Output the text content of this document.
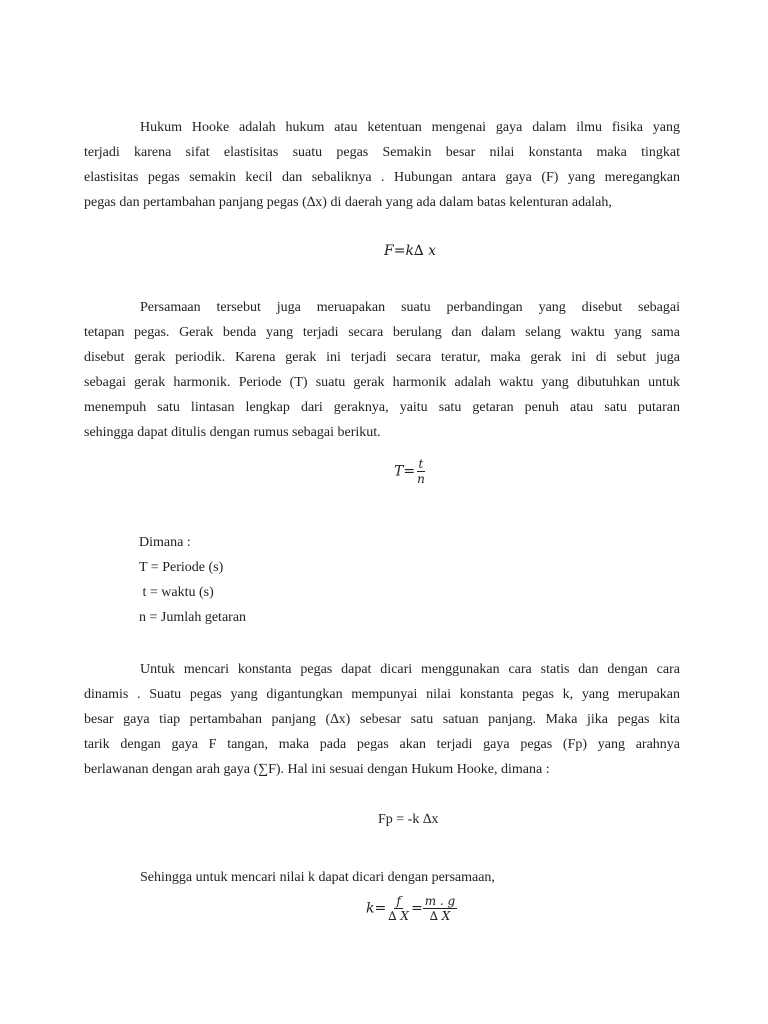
Hukum Hooke adalah hukum atau ketentuan mengenai gaya dalam ilmu fisika yang
terjadi karena sifat elastisitas suatu pegas Semakin besar nilai konstanta maka tingkat
elastisitas pegas semakin kecil dan sebaliknya . Hubungan antara gaya (F) yang meregangkan
pegas dan pertambahan panjang pegas (∆x) di daerah yang ada dalam batas kelenturan adalah,
F=k∆ x
Persamaan tersebut juga meruapakan suatu perbandingan yang disebut sebagai
tetapan pegas. Gerak benda yang terjadi secara berulang dan dalam selang waktu yang sama
disebut gerak periodik. Karena gerak ini terjadi secara teratur, maka gerak ini di sebut juga
sebagai gerak harmonik. Periode (T) suatu gerak harmonik adalah waktu yang dibutuhkan untuk
menempuh satu lintasan lengkap dari geraknya, yaitu satu getaran penuh atau satu putaran
sehingga dapat ditulis dengan rumus sebagai berikut.
$T= \frac{t}{n}$
Dimana :
T = Periode (s)
t = waktu (s)
n = Jumlah getaran
Untuk mencari konstanta pegas dapat dicari menggunakan cara statis dan dengan cara
dinamis . Suatu pegas yang digantungkan mempunyai nilai konstanta pegas k, yang merupakan
besar gaya tiap pertambahan panjang (∆x) sebesar satu satuan panjang. Maka jika pegas kita
tarik dengan gaya F tangan, maka pada pegas akan terjadi gaya pegas (Fp) yang arahnya
berlawanan dengan arah gaya (∑F). Hal ini sesuai dengan Hukum Hooke, dimana :
Fp = -k ∆x
Sehingga untuk mencari nilai k dapat dicari dengan persamaan,
$k= \frac{f}{\Delta X} = \frac{m . g}{\Delta X}$
